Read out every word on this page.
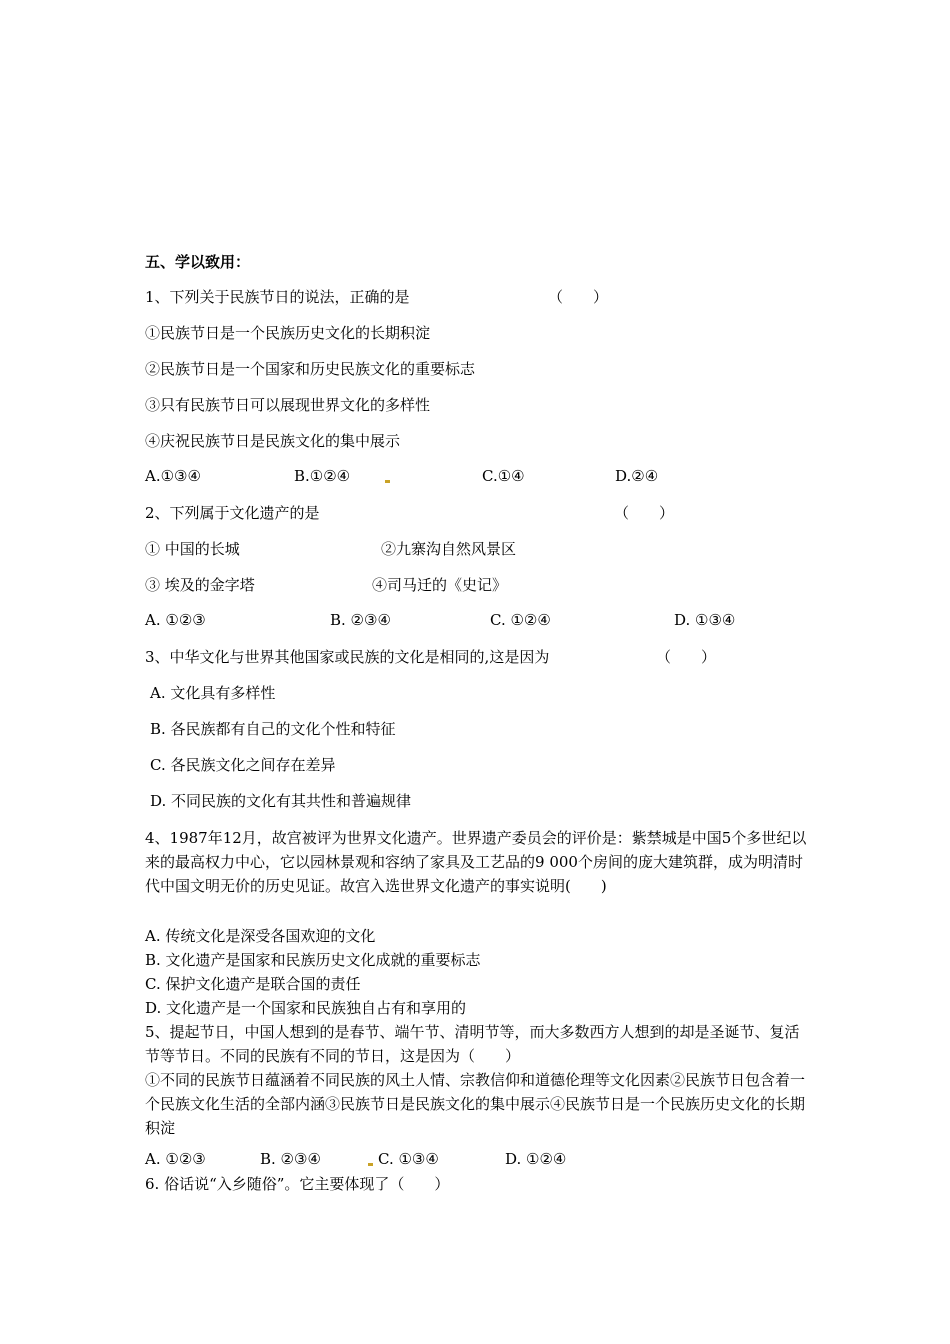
五、学以致用：
1、下列关于民族节日的说法，正确的是	（　　）
①民族节日是一个民族历史文化的长期积淀
②民族节日是一个国家和历史民族文化的重要标志
③只有民族节日可以展现世界文化的多样性
④庆祝民族节日是民族文化的集中展示
A.①③④	B.①②④	C.①④	D.②④
2、下列属于文化遗产的是	（　　）
① 中国的长城	②九寨沟自然风景区
③ 埃及的金字塔	④司马迁的《史记》
A. ①②③	B. ②③④	C. ①②④	D. ①③④
3、中华文化与世界其他国家或民族的文化是相同的,这是因为	（　　）
A. 文化具有多样性
B. 各民族都有自己的文化个性和特征
C. 各民族文化之间存在差异
D. 不同民族的文化有其共性和普遍规律
4、1987年12月，故宫被评为世界文化遗产。世界遗产委员会的评价是：紫禁城是中国5个多世纪以来的最高权力中心，它以园林景观和容纳了家具及工艺品的9 000个房间的庞大建筑群，成为明清时代中国文明无价的历史见证。故宫入选世界文化遗产的事实说明(　　)
A. 传统文化是深受各国欢迎的文化
B. 文化遗产是国家和民族历史文化成就的重要标志
C. 保护文化遗产是联合国的责任
D. 文化遗产是一个国家和民族独自占有和享用的
5、提起节日，中国人想到的是春节、端午节、清明节等，而大多数西方人想到的却是圣诞节、复活节等节日。不同的民族有不同的节日，这是因为（　　）
①不同的民族节日蕴涵着不同民族的风土人情、宗教信仰和道德伦理等文化因素②民族节日包含着一个民族文化生活的全部内涵③民族节日是民族文化的集中展示④民族节日是一个民族历史文化的长期积淀
A. ①②③	B. ②③④	C. ①③④	D. ①②④
6. 俗话说“入乡随俗”。它主要体现了（　　）
